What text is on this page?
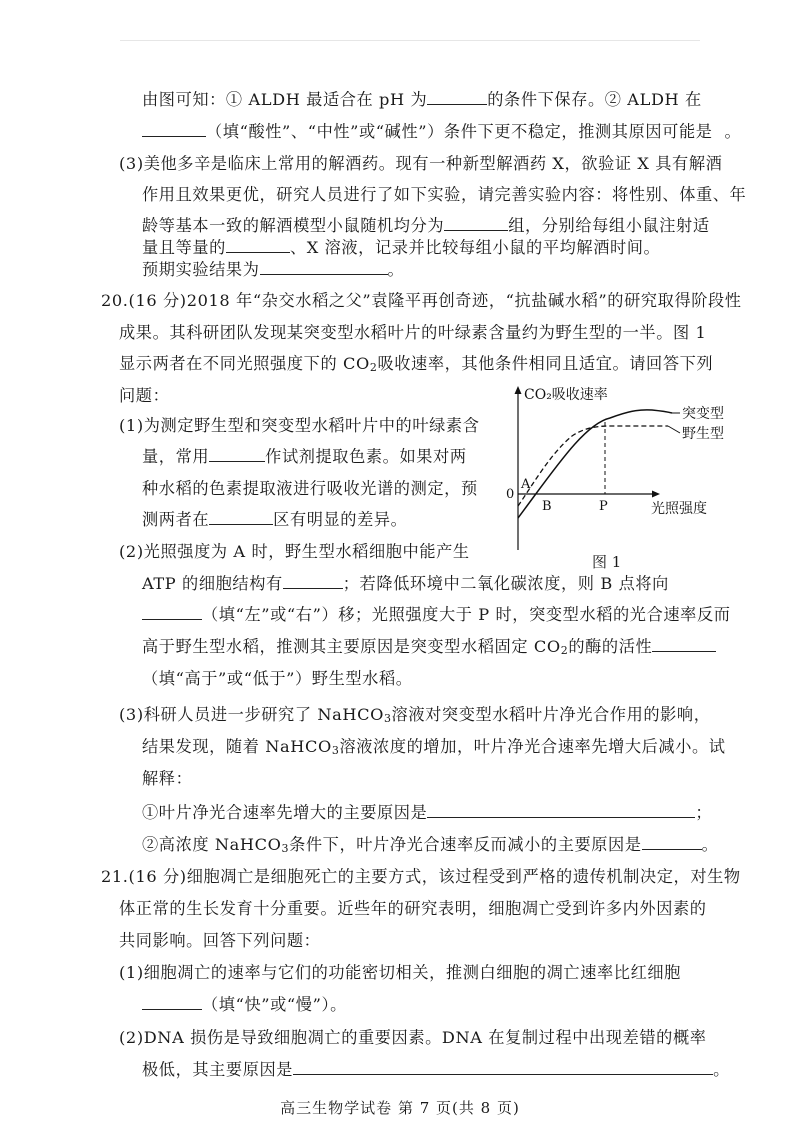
由图可知：① ALDH 最适合在 pH 为	的条件下保存。② ALDH 在
（填“酸性”、“中性”或“碱性”）条件下更不稳定，推测其原因可能是 。
(3)美他多辛是临床上常用的解酒药。现有一种新型解酒药 X，欲验证 X 具有解酒
作用且效果更优，研究人员进行了如下实验，请完善实验内容：将性别、体重、年
龄等基本一致的解酒模型小鼠随机均分为	组，分别给每组小鼠注射适
量且等量的	、X 溶液，记录并比较每组小鼠的平均解酒时间。
预期实验结果为	。
20.(16 分)2018 年“杂交水稻之父”袁隆平再创奇迹，“抗盐碱水稻”的研究取得阶段性
成果。其科研团队发现某突变型水稻叶片的叶绿素含量约为野生型的一半。图 1
显示两者在不同光照强度下的 $CO_2$吸收速率，其他条件相同且适宜。请回答下列
问题：
(1)为测定野生型和突变型水稻叶片中的叶绿素含
量，常用	作试剂提取色素。如果对两
种水稻的色素提取液进行吸收光谱的测定，预
测两者在	区有明显的差异。
(2)光照强度为 A 时，野生型水稻细胞中能产生
ATP 的细胞结构有	；若降低环境中二氧化碳浓度，则 B 点将向
（填“左”或“右”）移；光照强度大于 P 时，突变型水稻的光合速率反而
高于野生型水稻，推测其主要原因是突变型水稻固定 $CO_2$的酶的活性
（填“高于”或“低于”）野生型水稻。
(3)科研人员进一步研究了 NaHCO$_3$溶液对突变型水稻叶片净光合作用的影响，
结果发现，随着 NaHCO$_3$溶液浓度的增加，叶片净光合速率先增大后减小。试
解释：
①叶片净光合速率先增大的主要原因是	；
②高浓度 NaHCO$_3$条件下，叶片净光合速率反而减小的主要原因是	。
21.(16 分)细胞凋亡是细胞死亡的主要方式，该过程受到严格的遗传机制决定，对生物
体正常的生长发育十分重要。近些年的研究表明，细胞凋亡受到许多内外因素的
共同影响。回答下列问题：
(1)细胞凋亡的速率与它们的功能密切相关，推测白细胞的凋亡速率比红细胞
（填“快”或“慢”）。
(2)DNA 损伤是导致细胞凋亡的重要因素。DNA 在复制过程中出现差错的概率
极低，其主要原因是	。
CO₂吸收速率
光照强度
0
A
B	P
突变型
野生型
图 1
高三生物学试卷 第 7 页(共 8 页)
